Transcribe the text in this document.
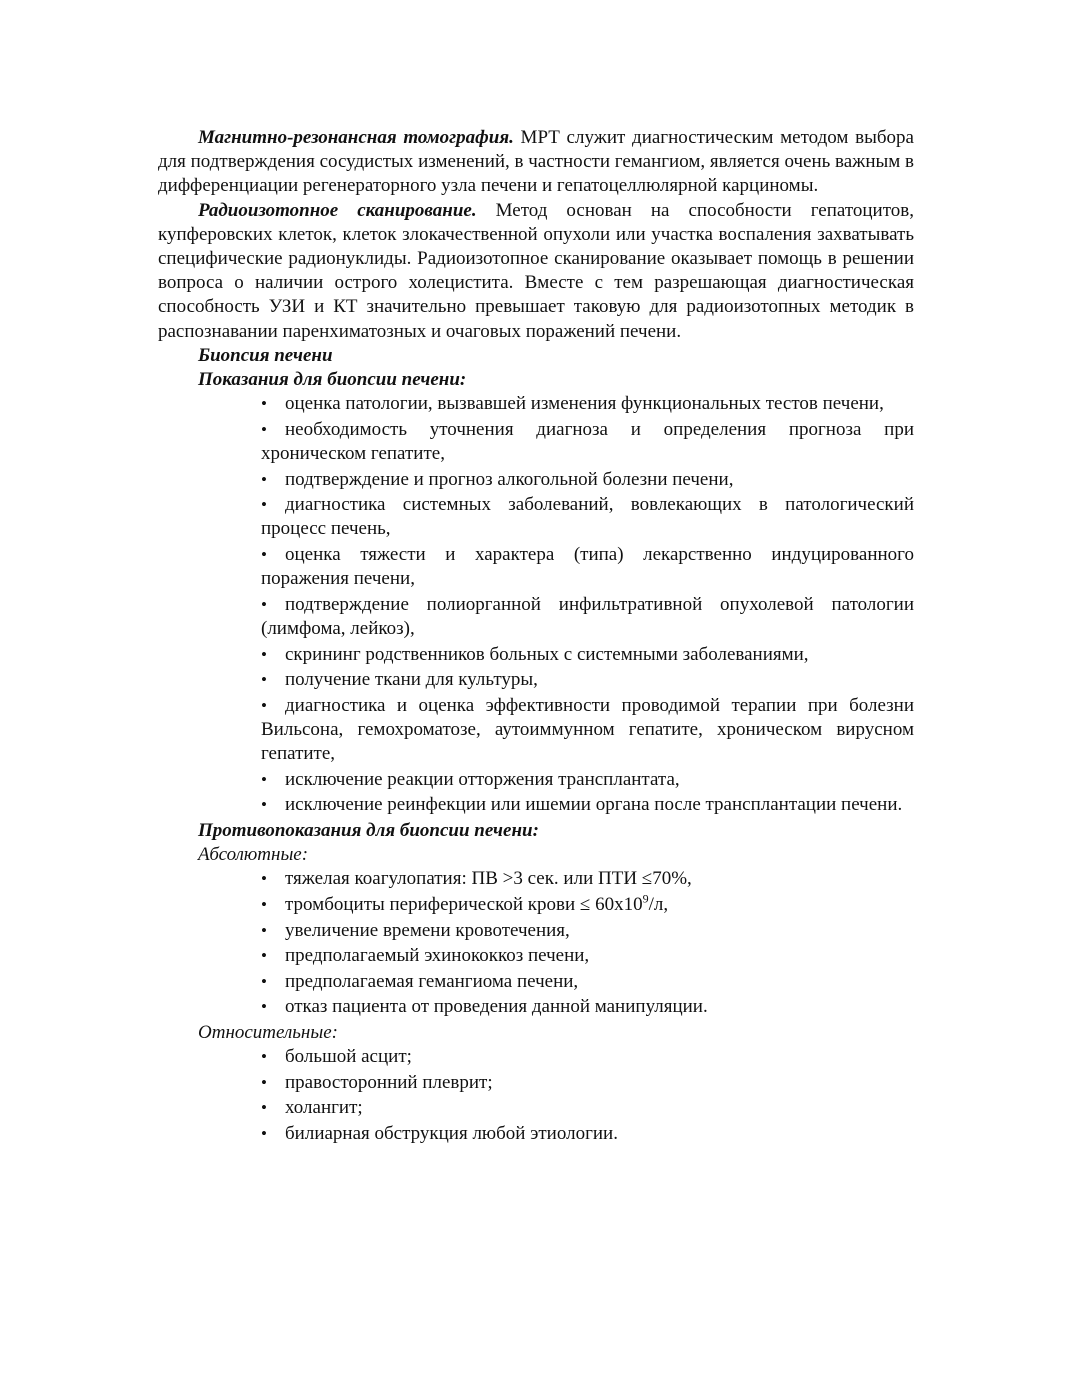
Магнитно-резонансная томография. МРТ служит диагностическим методом выбора для подтверждения сосудистых изменений, в частности гемангиом, является очень важным в дифференциации регенераторного узла печени и гепатоцеллюлярной карциномы.

Радиоизотопное сканирование. Метод основан на способности гепатоцитов, купферовских клеток, клеток злокачественной опухоли или участка воспаления захватывать специфические радионуклиды. Радиоизотопное сканирование оказывает помощь в решении вопроса о наличии острого холецистита. Вместе с тем разрешающая диагностическая способность УЗИ и КТ значительно превышает таковую для радиоизотопных методик в распознавании паренхиматозных и очаговых поражений печени.

Биопсия печени

Показания для биопсии печени:

• оценка патологии, вызвавшей изменения функциональных тестов печени,
• необходимость уточнения диагноза и определения прогноза при хроническом гепатите,
• подтверждение и прогноз алкогольной болезни печени,
• диагностика системных заболеваний, вовлекающих в патологический процесс печень,
• оценка тяжести и характера (типа) лекарственно индуцированного поражения печени,
• подтверждение полиорганной инфильтративной опухолевой патологии (лимфома, лейкоз),
• скрининг родственников больных с системными заболеваниями,
• получение ткани для культуры,
• диагностика и оценка эффективности проводимой терапии при болезни Вильсона, гемохроматозе, аутоиммунном гепатите, хроническом вирусном гепатите,
• исключение реакции отторжения трансплантата,
• исключение реинфекции или ишемии органа после трансплантации печени.

Противопоказания для биопсии печени:

Абсолютные:

• тяжелая коагулопатия: ПВ >3 сек. или ПТИ ≤70%,
• тромбоциты периферической крови ≤ $60х10^9/л$,
• увеличение времени кровотечения,
• предполагаемый эхинококкоз печени,
• предполагаемая гемангиома печени,
• отказ пациента от проведения данной манипуляции.

Относительные:

• большой асцит;
• правосторонний плеврит;
• холангит;
• билиарная обструкция любой этиологии.
